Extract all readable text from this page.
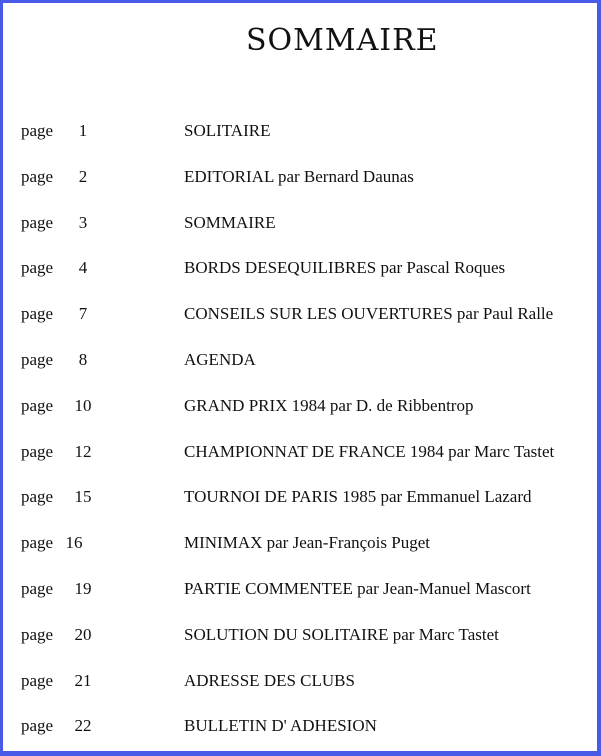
SOMMAIRE
page	1	SOLITAIRE
page	2	EDITORIAL par Bernard Daunas
page	3	SOMMAIRE
page	4	BORDS DESEQUILIBRES par Pascal Roques
page	7	CONSEILS SUR LES OUVERTURES par Paul Ralle
page	8	AGENDA
page	10	GRAND PRIX 1984 par D. de Ribbentrop
page	12	CHAMPIONNAT DE FRANCE 1984 par Marc Tastet
page	15	TOURNOI DE PARIS 1985 par Emmanuel Lazard
page 16	MINIMAX par Jean-François Puget
page	19	PARTIE COMMENTEE par Jean-Manuel Mascort
page	20	SOLUTION DU SOLITAIRE par Marc Tastet
page	21	ADRESSE DES CLUBS
page	22	BULLETIN D' ADHESION
